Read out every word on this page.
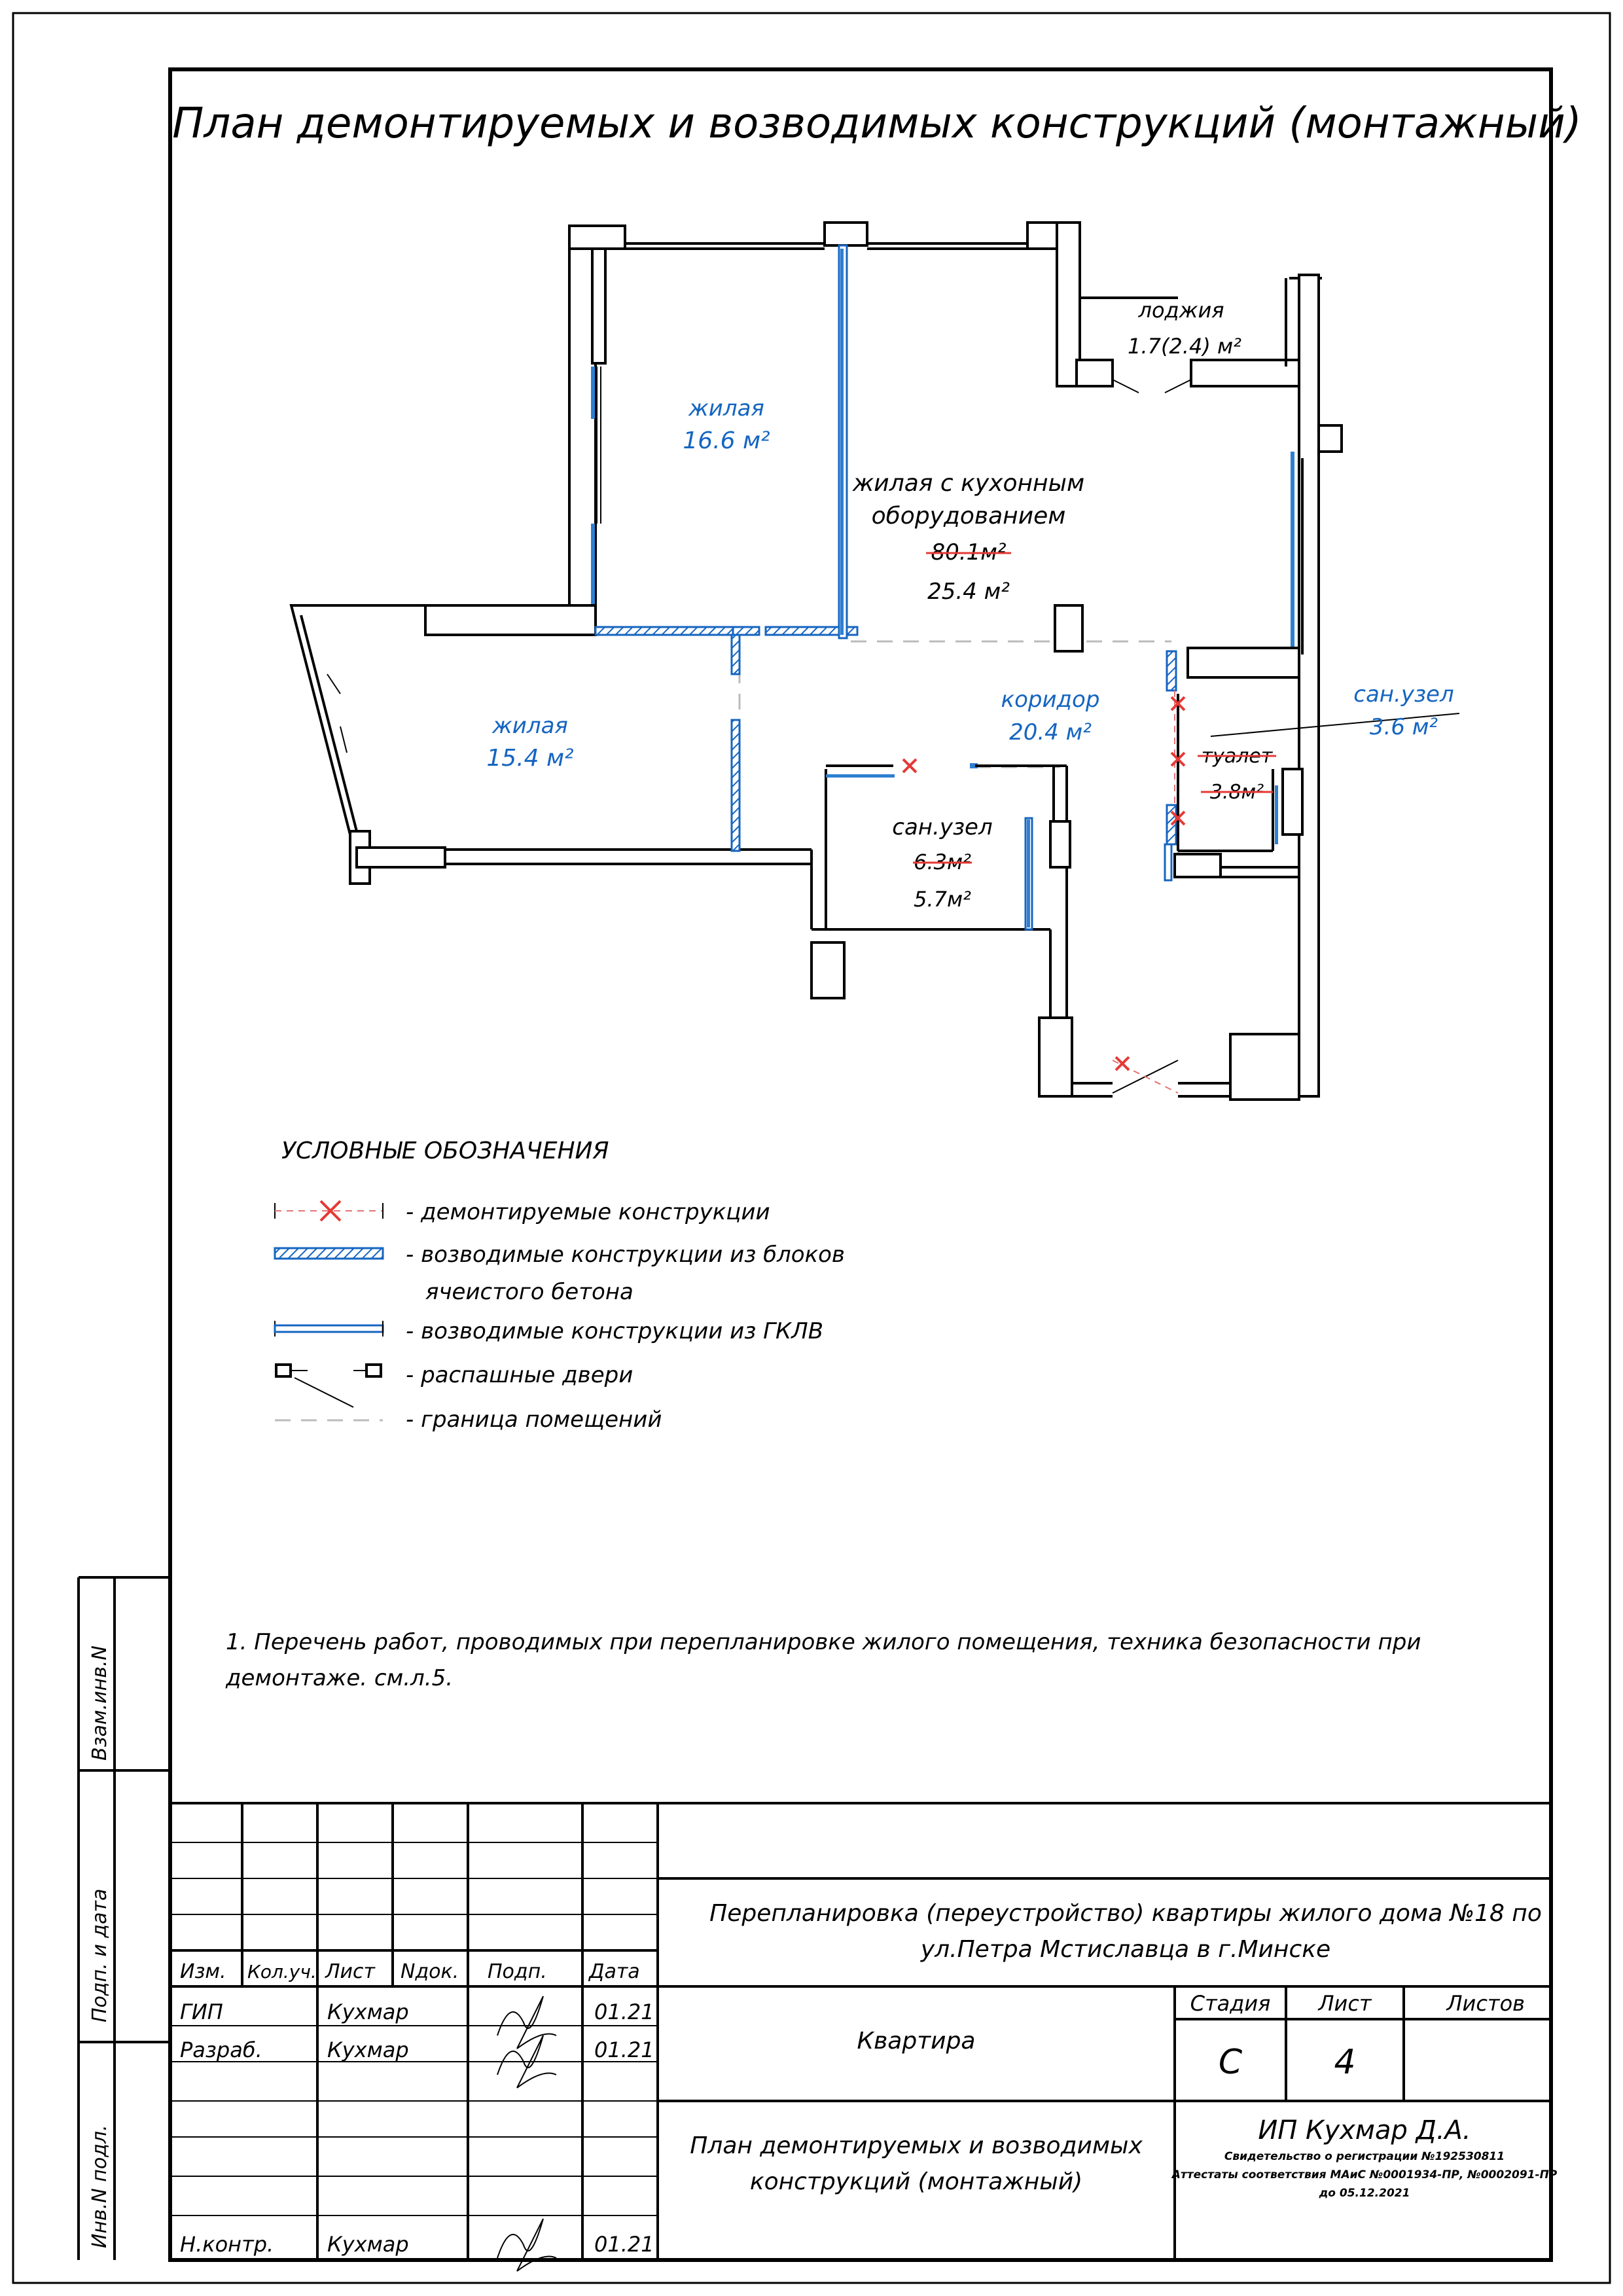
План демонтируемых и возводимых конструкций (монтажный)
жилая
16.6 м²
жилая
15.4 м²
жилая с кухонным
оборудованием
80.1м²
25.4 м²
коридор
20.4 м²
лоджия
1.7(2.4) м²
сан.узел
6.3м²
5.7м²
туалет
3.8м²
сан.узел
3.6 м²
УСЛОВНЫЕ ОБОЗНАЧЕНИЯ
- демонтируемые конструкции
- возводимые конструкции из блоков
ячеистого бетона
- возводимые конструкции из ГКЛВ
- распашные двери
- граница помещений
1. Перечень работ, проводимых при перепланировке жилого помещения, техника безопасности при
демонтаже. см.л.5.
Взам.инв.N
Подп. и дата
Инв.N подл.
Изм. Кол.уч. Лист Nдок. Подп. Дата
ГИП	Кухмар	01.21
Разраб.	Кухмар	01.21
Н.контр.	Кухмар	01.21
Перепланировка (переустройство) квартиры жилого дома №18 по
ул.Петра Мстиславца в г.Минске
Квартира
Стадия Лист	Листов
С	4
План демонтируемых и возводимых
конструкций (монтажный)
ИП Кухмар Д.А.
Свидетельство о регистрации №192530811
Аттестаты соответствия МАиС №0001934-ПР, №0002091-ПР
до 05.12.2021
